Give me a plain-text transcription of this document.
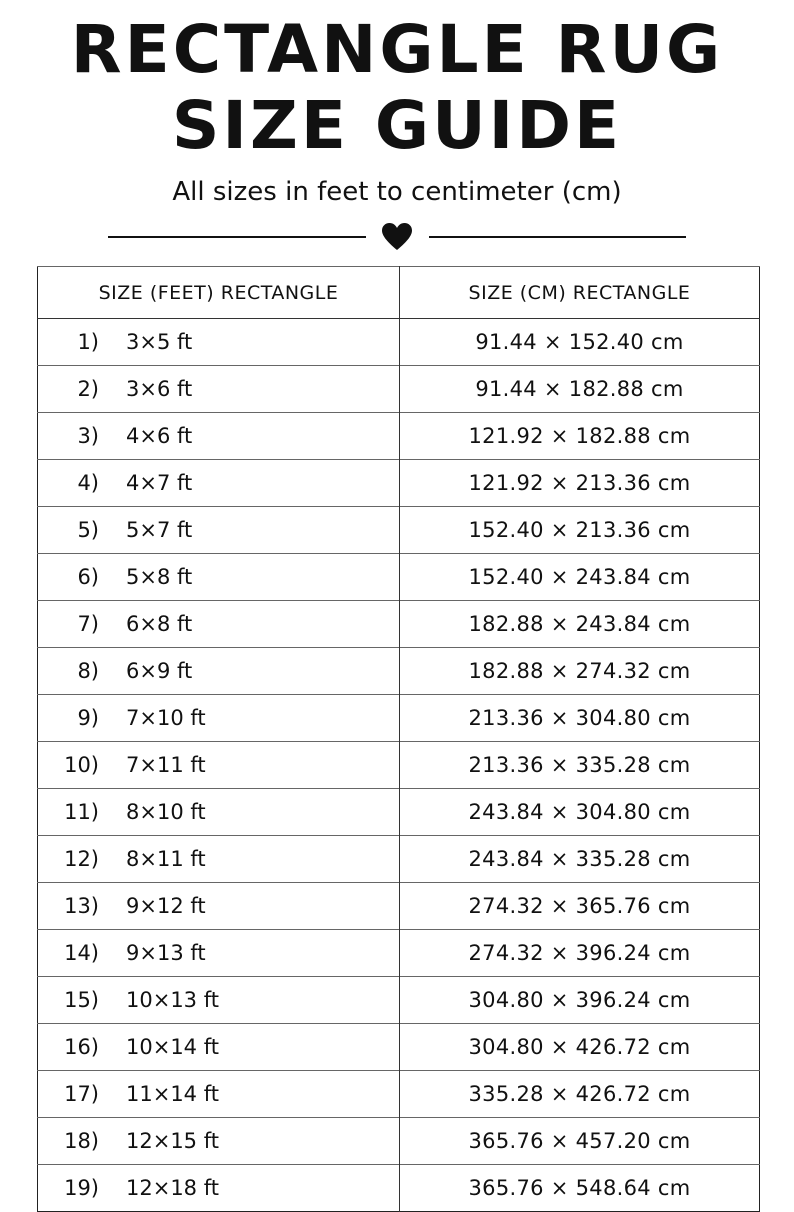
RECTANGLE RUG
SIZE GUIDE
All sizes in feet to centimeter (cm)
SIZE (FEET) RECTANGLE	SIZE (CM) RECTANGLE
1) 3×5 ft	91.44 × 152.40 cm
2) 3×6 ft	91.44 × 182.88 cm
3) 4×6 ft	121.92 × 182.88 cm
4) 4×7 ft	121.92 × 213.36 cm
5) 5×7 ft	152.40 × 213.36 cm
6) 5×8 ft	152.40 × 243.84 cm
7) 6×8 ft	182.88 × 243.84 cm
8) 6×9 ft	182.88 × 274.32 cm
9) 7×10 ft	213.36 × 304.80 cm
10) 7×11 ft	213.36 × 335.28 cm
11) 8×10 ft	243.84 × 304.80 cm
12) 8×11 ft	243.84 × 335.28 cm
13) 9×12 ft	274.32 × 365.76 cm
14) 9×13 ft	274.32 × 396.24 cm
15) 10×13 ft	304.80 × 396.24 cm
16) 10×14 ft	304.80 × 426.72 cm
17) 11×14 ft	335.28 × 426.72 cm
18) 12×15 ft	365.76 × 457.20 cm
19) 12×18 ft	365.76 × 548.64 cm
